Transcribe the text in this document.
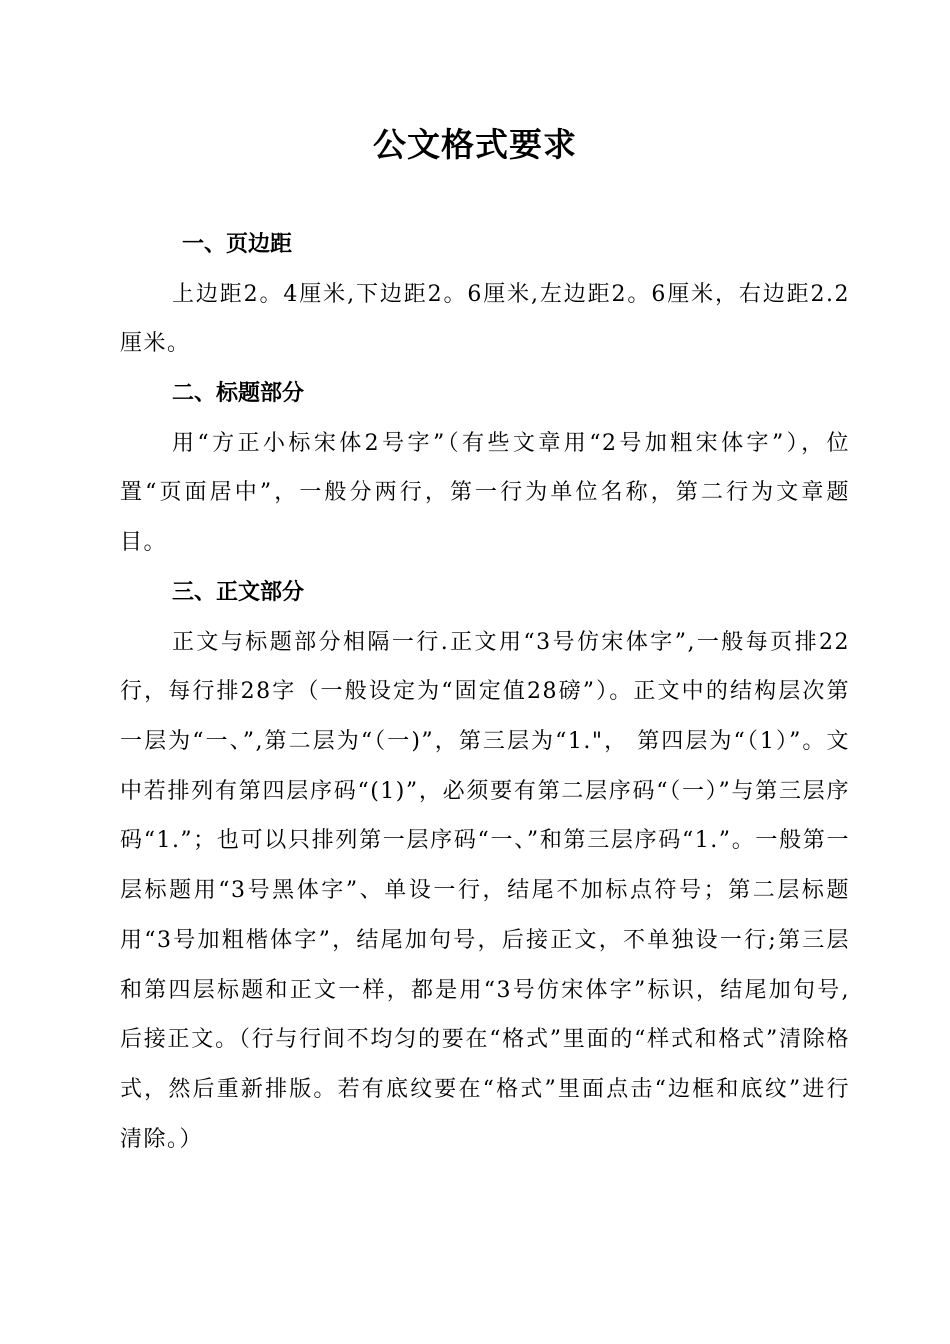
公文格式要求
一、页边距

上边距2。4厘米,下边距2。6厘米,左边距2。6厘米，右边距2.2厘米。

二、标题部分

用“方正小标宋体2号字”（有些文章用“2号加粗宋体字”），位置“页面居中”，一般分两行，第一行为单位名称，第二行为文章题目。

三、正文部分

正文与标题部分相隔一行.正文用“3号仿宋体字”,一般每页排22行，每行排28字（一般设定为“固定值28磅”）。正文中的结构层次第一层为“一、”,第二层为“（一)”，第三层为“1."， 第四层为“（1）”。文中若排列有第四层序码“(1)”，必须要有第二层序码“（一）”与第三层序码“1.”；也可以只排列第一层序码“一、”和第三层序码“1.”。一般第一层标题用“3号黑体字”、单设一行，结尾不加标点符号；第二层标题用“3号加粗楷体字”，结尾加句号，后接正文，不单独设一行;第三层和第四层标题和正文一样，都是用“3号仿宋体字”标识，结尾加句号,后接正文。（行与行间不均匀的要在“格式”里面的“样式和格式”清除格式，然后重新排版。若有底纹要在“格式”里面点击“边框和底纹”进行清除。）
